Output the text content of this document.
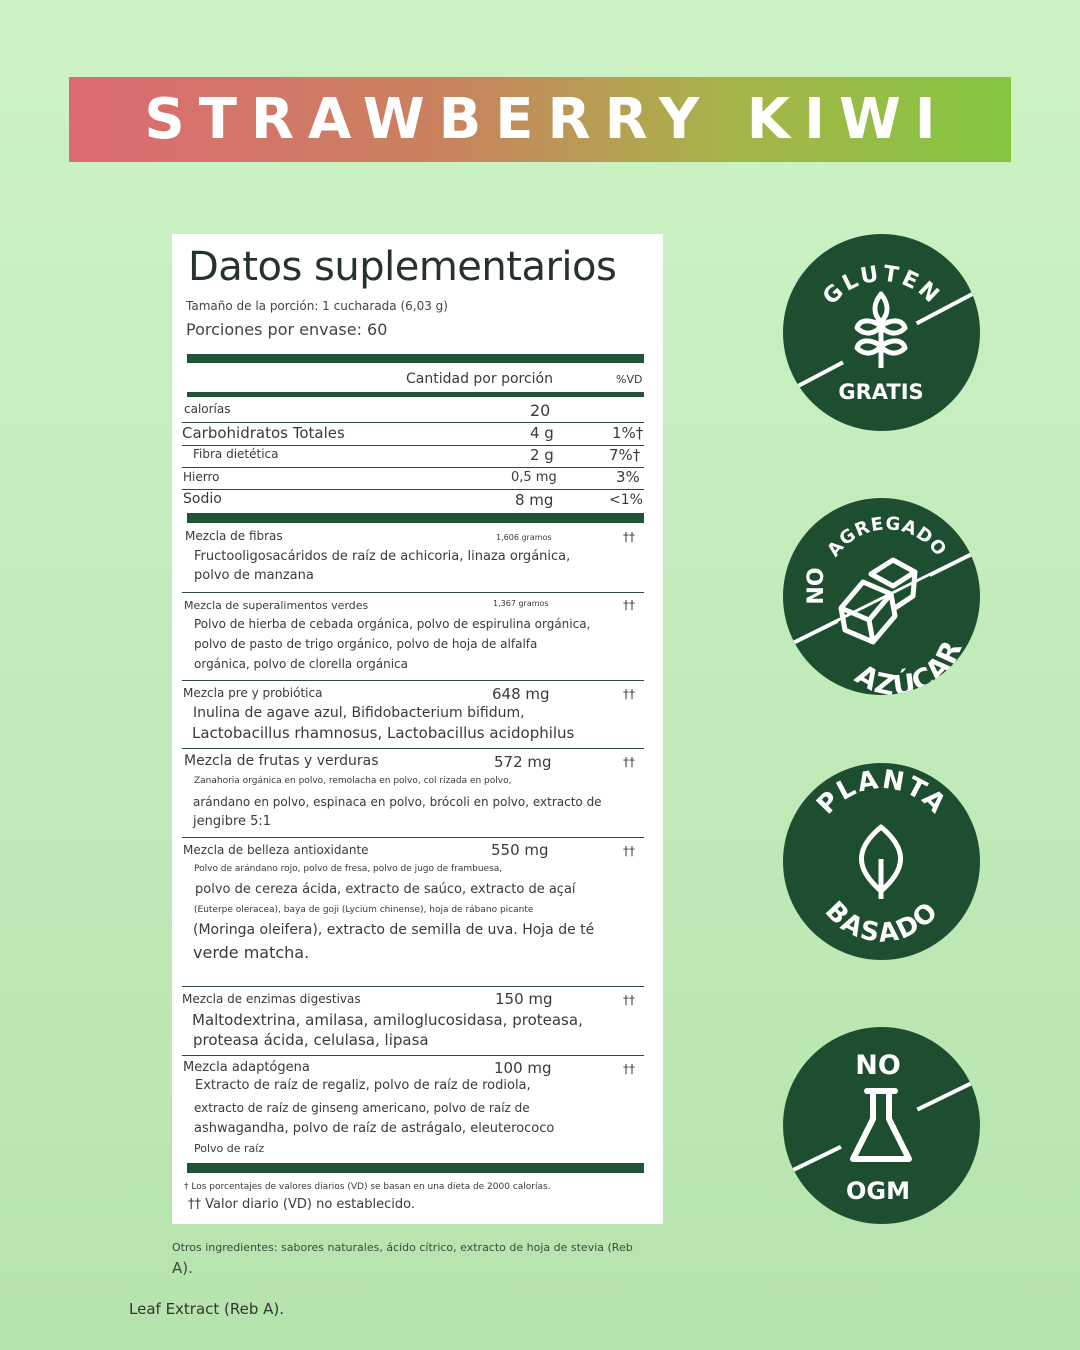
STRAWBERRY KIWI
Datos suplementarios
Tamaño de la porción: 1 cucharada (6,03 g)
Porciones por envase: 60
Cantidad por porción	%VD
calorías	20
Carbohidratos Totales	4 g	1%†
Fibra dietética	2 g	7%†
Hierro	0,5 mg	3%
Sodio	8 mg	<1%
Mezcla de fibras	1,606 gramos	††
Fructooligosacáridos de raíz de achicoria, linaza orgánica,
polvo de manzana
Mezcla de superalimentos verdes	1,367 gramos	††
Polvo de hierba de cebada orgánica, polvo de espirulina orgánica,
polvo de pasto de trigo orgánico, polvo de hoja de alfalfa
orgánica, polvo de clorella orgánica
Mezcla pre y probiótica	648 mg	††
Inulina de agave azul, Bifidobacterium bifidum,
Lactobacillus rhamnosus, Lactobacillus acidophilus
Mezcla de frutas y verduras	572 mg	††
Zanahoria orgánica en polvo, remolacha en polvo, col rizada en polvo,
arándano en polvo, espinaca en polvo, brócoli en polvo, extracto de
jengibre 5:1
Mezcla de belleza antioxidante	550 mg	††
Polvo de arándano rojo, polvo de fresa, polvo de jugo de frambuesa,
polvo de cereza ácida, extracto de saúco, extracto de açaí
(Euterpe oleracea), baya de goji (Lycium chinense), hoja de rábano picante
(Moringa oleifera), extracto de semilla de uva. Hoja de té
verde matcha.
Mezcla de enzimas digestivas	150 mg	††
Maltodextrina, amilasa, amiloglucosidasa, proteasa,
proteasa ácida, celulasa, lipasa
Mezcla adaptógena	100 mg	††
Extracto de raíz de regaliz, polvo de raíz de rodiola,
extracto de raíz de ginseng americano, polvo de raíz de
ashwagandha, polvo de raíz de astrágalo, eleuterococo
Polvo de raíz
† Los porcentajes de valores diarios (VD) se basan en una dieta de 2000 calorías.
†† Valor diario (VD) no establecido.
Otros ingredientes: sabores naturales, ácido cítrico, extracto de hoja de stevia (Reb
A).
Leaf Extract (Reb A).
GLUTEN
GRATIS
AGREGADO
NO
AZÚCAR
PLANTA
BASADO
NO
OGM
